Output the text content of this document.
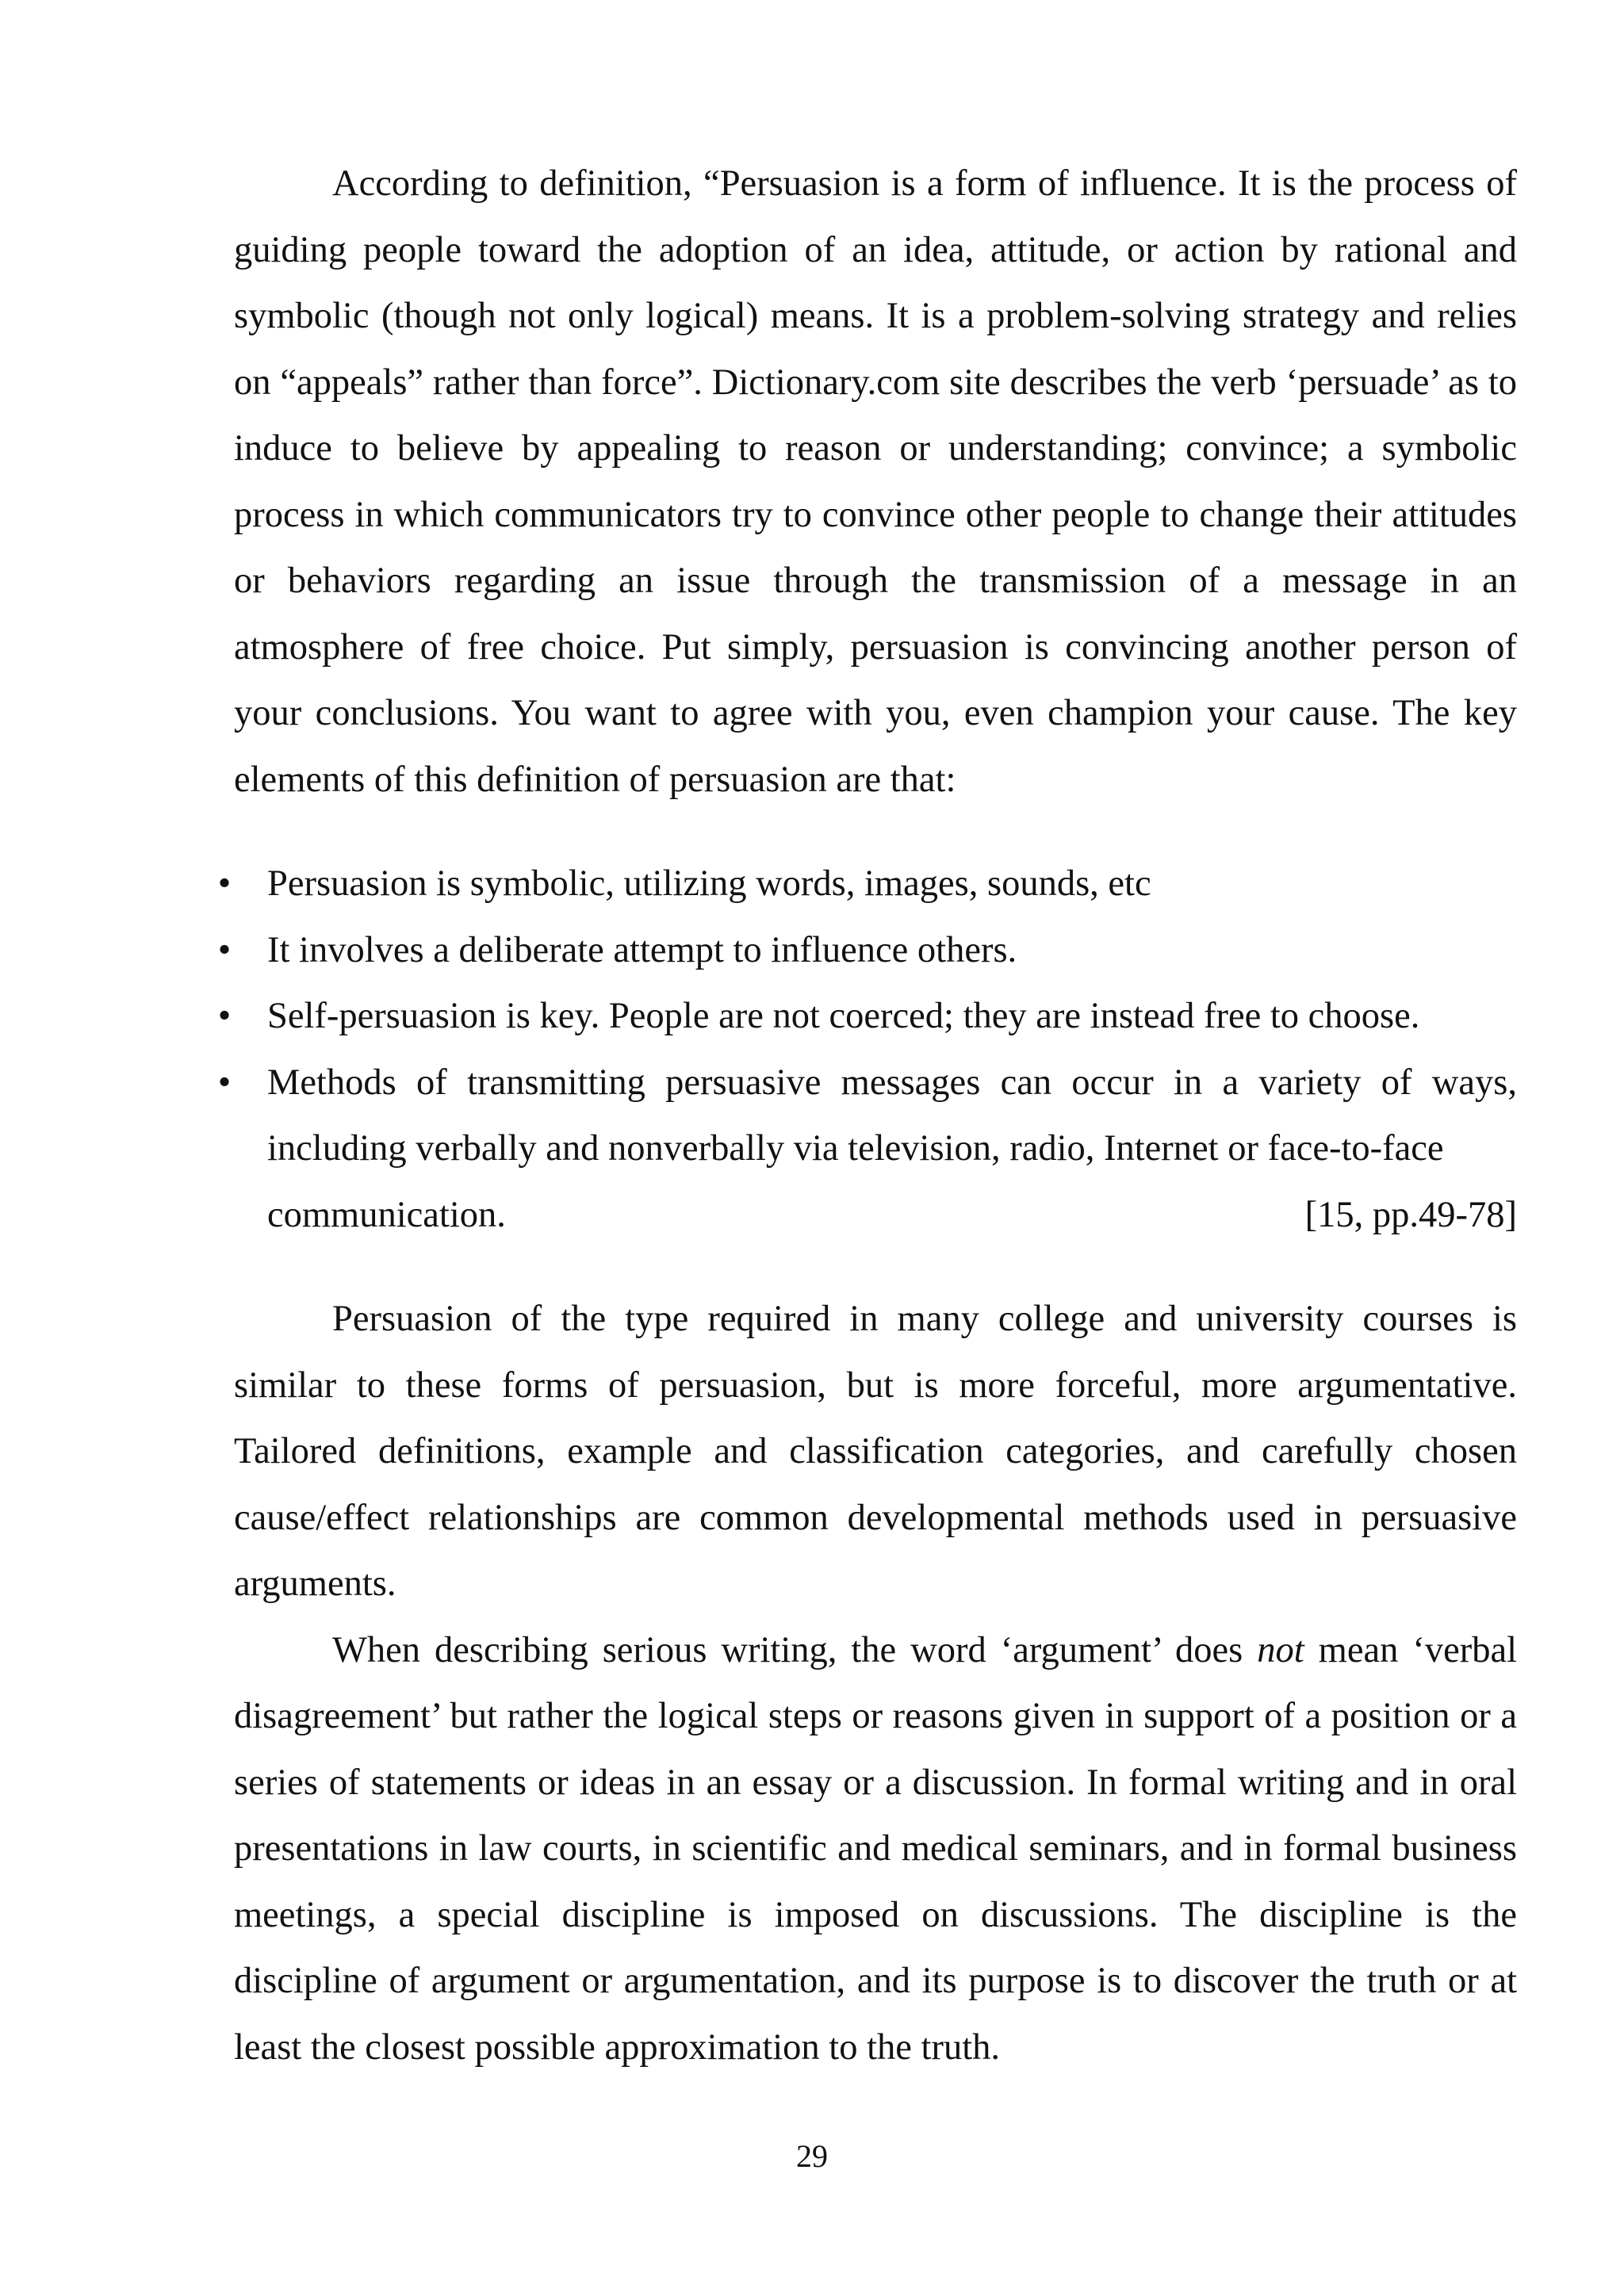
According to definition, “Persuasion is a form of influence. It is the process of guiding people toward the adoption of an idea, attitude, or action by rational and symbolic (though not only logical) means. It is a problem-solving strategy and relies on “appeals” rather than force”. Dictionary.com site describes the verb ‘persuade’ as to induce to believe by appealing to reason or understanding; convince; a symbolic process in which communicators try to convince other people to change their attitudes or behaviors regarding an issue through the transmission of a message in an atmosphere of free choice. Put simply, persuasion is convincing another person of your conclusions. You want to agree with you, even champion your cause. The key elements of this definition of persuasion are that:

• Persuasion is symbolic, utilizing words, images, sounds, etc
• It involves a deliberate attempt to influence others.
• Self-persuasion is key. People are not coerced; they are instead free to choose.
• Methods of transmitting persuasive messages can occur in a variety of ways, including verbally and nonverbally via television, radio, Internet or face-to-face
communication.	[15, pp.49-78]

Persuasion of the type required in many college and university courses is similar to these forms of persuasion, but is more forceful, more argumentative. Tailored definitions, example and classification categories, and carefully chosen cause/effect relationships are common developmental methods used in persuasive arguments.

When describing serious writing, the word ‘argument’ does not mean ‘verbal disagreement’ but rather the logical steps or reasons given in support of a position or a series of statements or ideas in an essay or a discussion. In formal writing and in oral presentations in law courts, in scientific and medical seminars, and in formal business meetings, a special discipline is imposed on discussions. The discipline is the discipline of argument or argumentation, and its purpose is to discover the truth or at least the closest possible approximation to the truth.

29
